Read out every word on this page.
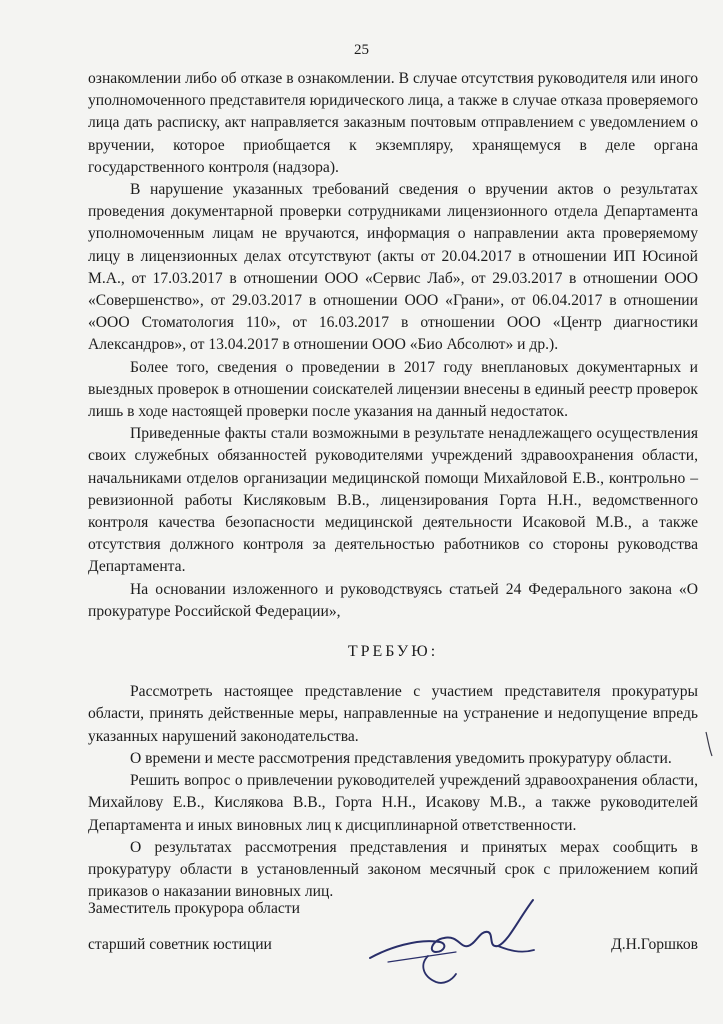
25

ознакомлении либо об отказе в ознакомлении. В случае отсутствия руководителя или иного уполномоченного представителя юридического лица, а также в случае отказа проверяемого лица дать расписку, акт направляется заказным почтовым отправлением с уведомлением о вручении, которое приобщается к экземпляру, хранящемуся в деле органа государственного контроля (надзора).

В нарушение указанных требований сведения о вручении актов о результатах проведения документарной проверки сотрудниками лицензионного отдела Департамента уполномоченным лицам не вручаются, информация о направлении акта проверяемому лицу в лицензионных делах отсутствуют (акты от 20.04.2017 в отношении ИП Юсиной М.А., от 17.03.2017 в отношении ООО «Сервис Лаб», от 29.03.2017 в отношении ООО «Совершенство», от 29.03.2017 в отношении ООО «Грани», от 06.04.2017 в отношении «ООО Стоматология 110», от 16.03.2017 в отношении ООО «Центр диагностики Александров», от 13.04.2017 в отношении ООО «Био Абсолют» и др.).

Более того, сведения о проведении в 2017 году внеплановых документарных и выездных проверок в отношении соискателей лицензии внесены в единый реестр проверок лишь в ходе настоящей проверки после указания на данный недостаток.

Приведенные факты стали возможными в результате ненадлежащего осуществления своих служебных обязанностей руководителями учреждений здравоохранения области, начальниками отделов организации медицинской помощи Михайловой Е.В., контрольно – ревизионной работы Кисляковым В.В., лицензирования Горта Н.Н., ведомственного контроля качества безопасности медицинской деятельности Исаковой М.В., а также отсутствия должного контроля за деятельностью работников со стороны руководства Департамента.

На основании изложенного и руководствуясь статьей 24 Федерального закона «О прокуратуре Российской Федерации»,

ТРЕБУЮ:

Рассмотреть настоящее представление с участием представителя прокуратуры области, принять действенные меры, направленные на устранение и недопущение впредь указанных нарушений законодательства.

О времени и месте рассмотрения представления уведомить прокуратуру области.

Решить вопрос о привлечении руководителей учреждений здравоохранения области, Михайлову Е.В., Кислякова В.В., Горта Н.Н., Исакову М.В., а также руководителей Департамента и иных виновных лиц к дисциплинарной ответственности.

О результатах рассмотрения представления и принятых мерах сообщить в прокуратуру области в установленный законом месячный срок с приложением копий приказов о наказании виновных лиц.

Заместитель прокурора области
старший советник юстиции	Д.Н.Горшков
